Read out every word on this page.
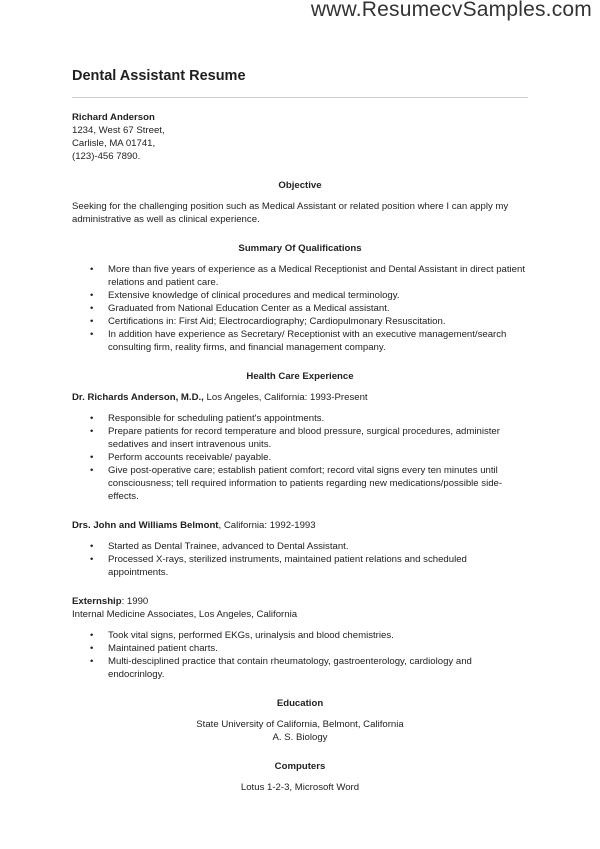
www.ResumecvSamples.com
Dental Assistant Resume
Richard Anderson
1234, West 67 Street,
Carlisle, MA 01741,
(123)-456 7890.
Objective

Seeking for the challenging position such as Medical Assistant or related position where I can apply my administrative as well as clinical experience.

Summary Of Qualifications
• More than five years of experience as a Medical Receptionist and Dental Assistant in direct patient relations and patient care.
• Extensive knowledge of clinical procedures and medical terminology.
• Graduated from National Education Center as a Medical assistant.
• Certifications in: First Aid; Electrocardiography; Cardiopulmonary Resuscitation.
• In addition have experience as Secretary/ Receptionist with an executive management/search consulting firm, reality firms, and financial management company.
Health Care Experience
Dr. Richards Anderson, M.D., Los Angeles, California: 1993-Present
• Responsible for scheduling patient's appointments.
• Prepare patients for record temperature and blood pressure, surgical procedures, administer sedatives and insert intravenous units.
• Perform accounts receivable/ payable.
• Give post-operative care; establish patient comfort; record vital signs every ten minutes until consciousness; tell required information to patients regarding new medications/possible side-effects.
Drs. John and Williams Belmont, California: 1992-1993
• Started as Dental Trainee, advanced to Dental Assistant.
• Processed X-rays, sterilized instruments, maintained patient relations and scheduled appointments.
Externship: 1990
Internal Medicine Associates, Los Angeles, California
• Took vital signs, performed EKGs, urinalysis and blood chemistries.
• Maintained patient charts.
• Multi-desciplined practice that contain rheumatology, gastroenterology, cardiology and endocrinlogy.
Education
State University of California, Belmont, California
A. S. Biology
Computers
Lotus 1-2-3, Microsoft Word
